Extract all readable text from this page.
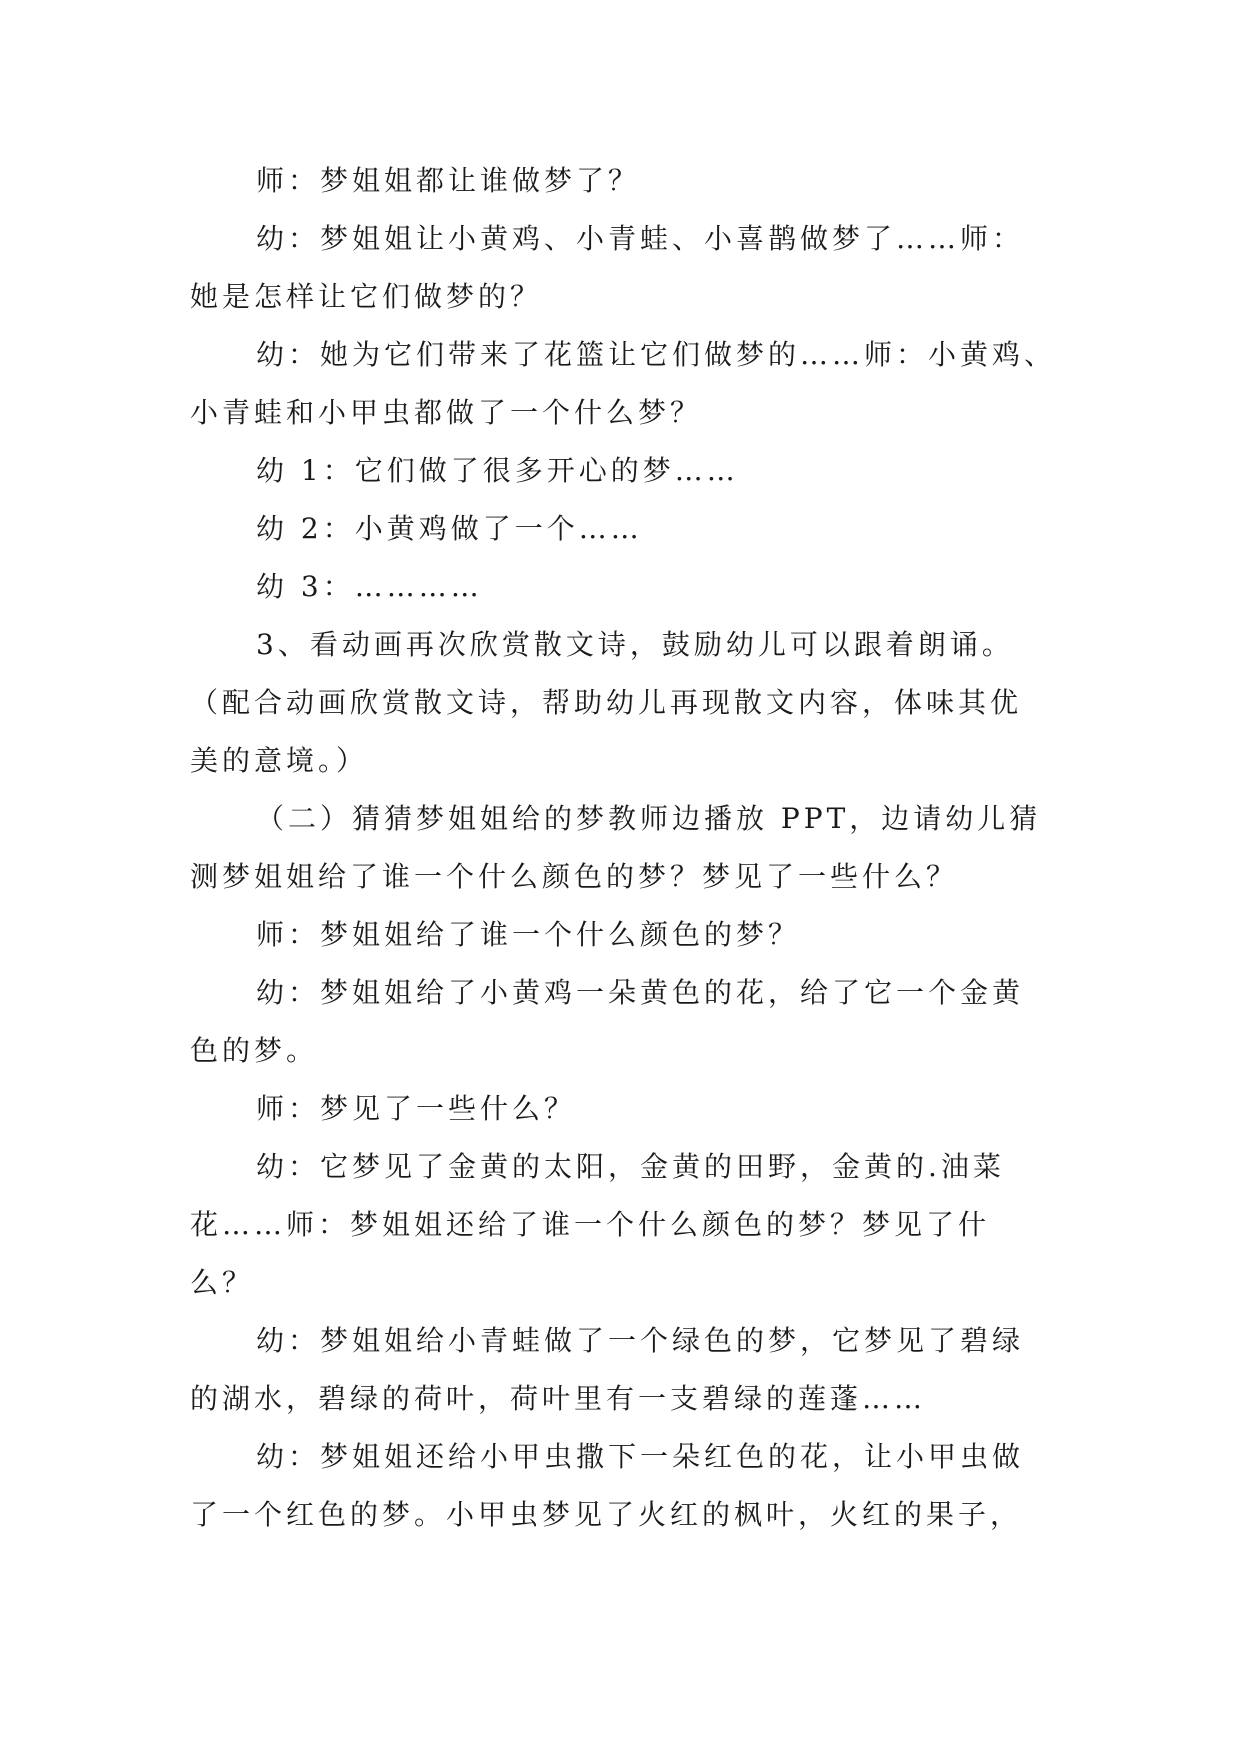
师：梦姐姐都让谁做梦了？

幼：梦姐姐让小黄鸡、小青蛙、小喜鹊做梦了……师：
她是怎样让它们做梦的？

幼：她为它们带来了花篮让它们做梦的……师：小黄鸡、
小青蛙和小甲虫都做了一个什么梦？

幼 1：它们做了很多开心的梦……

幼 2：小黄鸡做了一个……

幼 3：…………

3、看动画再次欣赏散文诗，鼓励幼儿可以跟着朗诵。
（配合动画欣赏散文诗，帮助幼儿再现散文内容，体味其优
美的意境。）

（二）猜猜梦姐姐给的梦教师边播放 PPT，边请幼儿猜
测梦姐姐给了谁一个什么颜色的梦？梦见了一些什么？

师：梦姐姐给了谁一个什么颜色的梦？

幼：梦姐姐给了小黄鸡一朵黄色的花，给了它一个金黄
色的梦。

师：梦见了一些什么？

幼：它梦见了金黄的太阳，金黄的田野，金黄的.油菜
花……师：梦姐姐还给了谁一个什么颜色的梦？梦见了什
么？

幼：梦姐姐给小青蛙做了一个绿色的梦，它梦见了碧绿
的湖水，碧绿的荷叶，荷叶里有一支碧绿的莲蓬……

幼：梦姐姐还给小甲虫撒下一朵红色的花，让小甲虫做
了一个红色的梦。小甲虫梦见了火红的枫叶，火红的果子，
